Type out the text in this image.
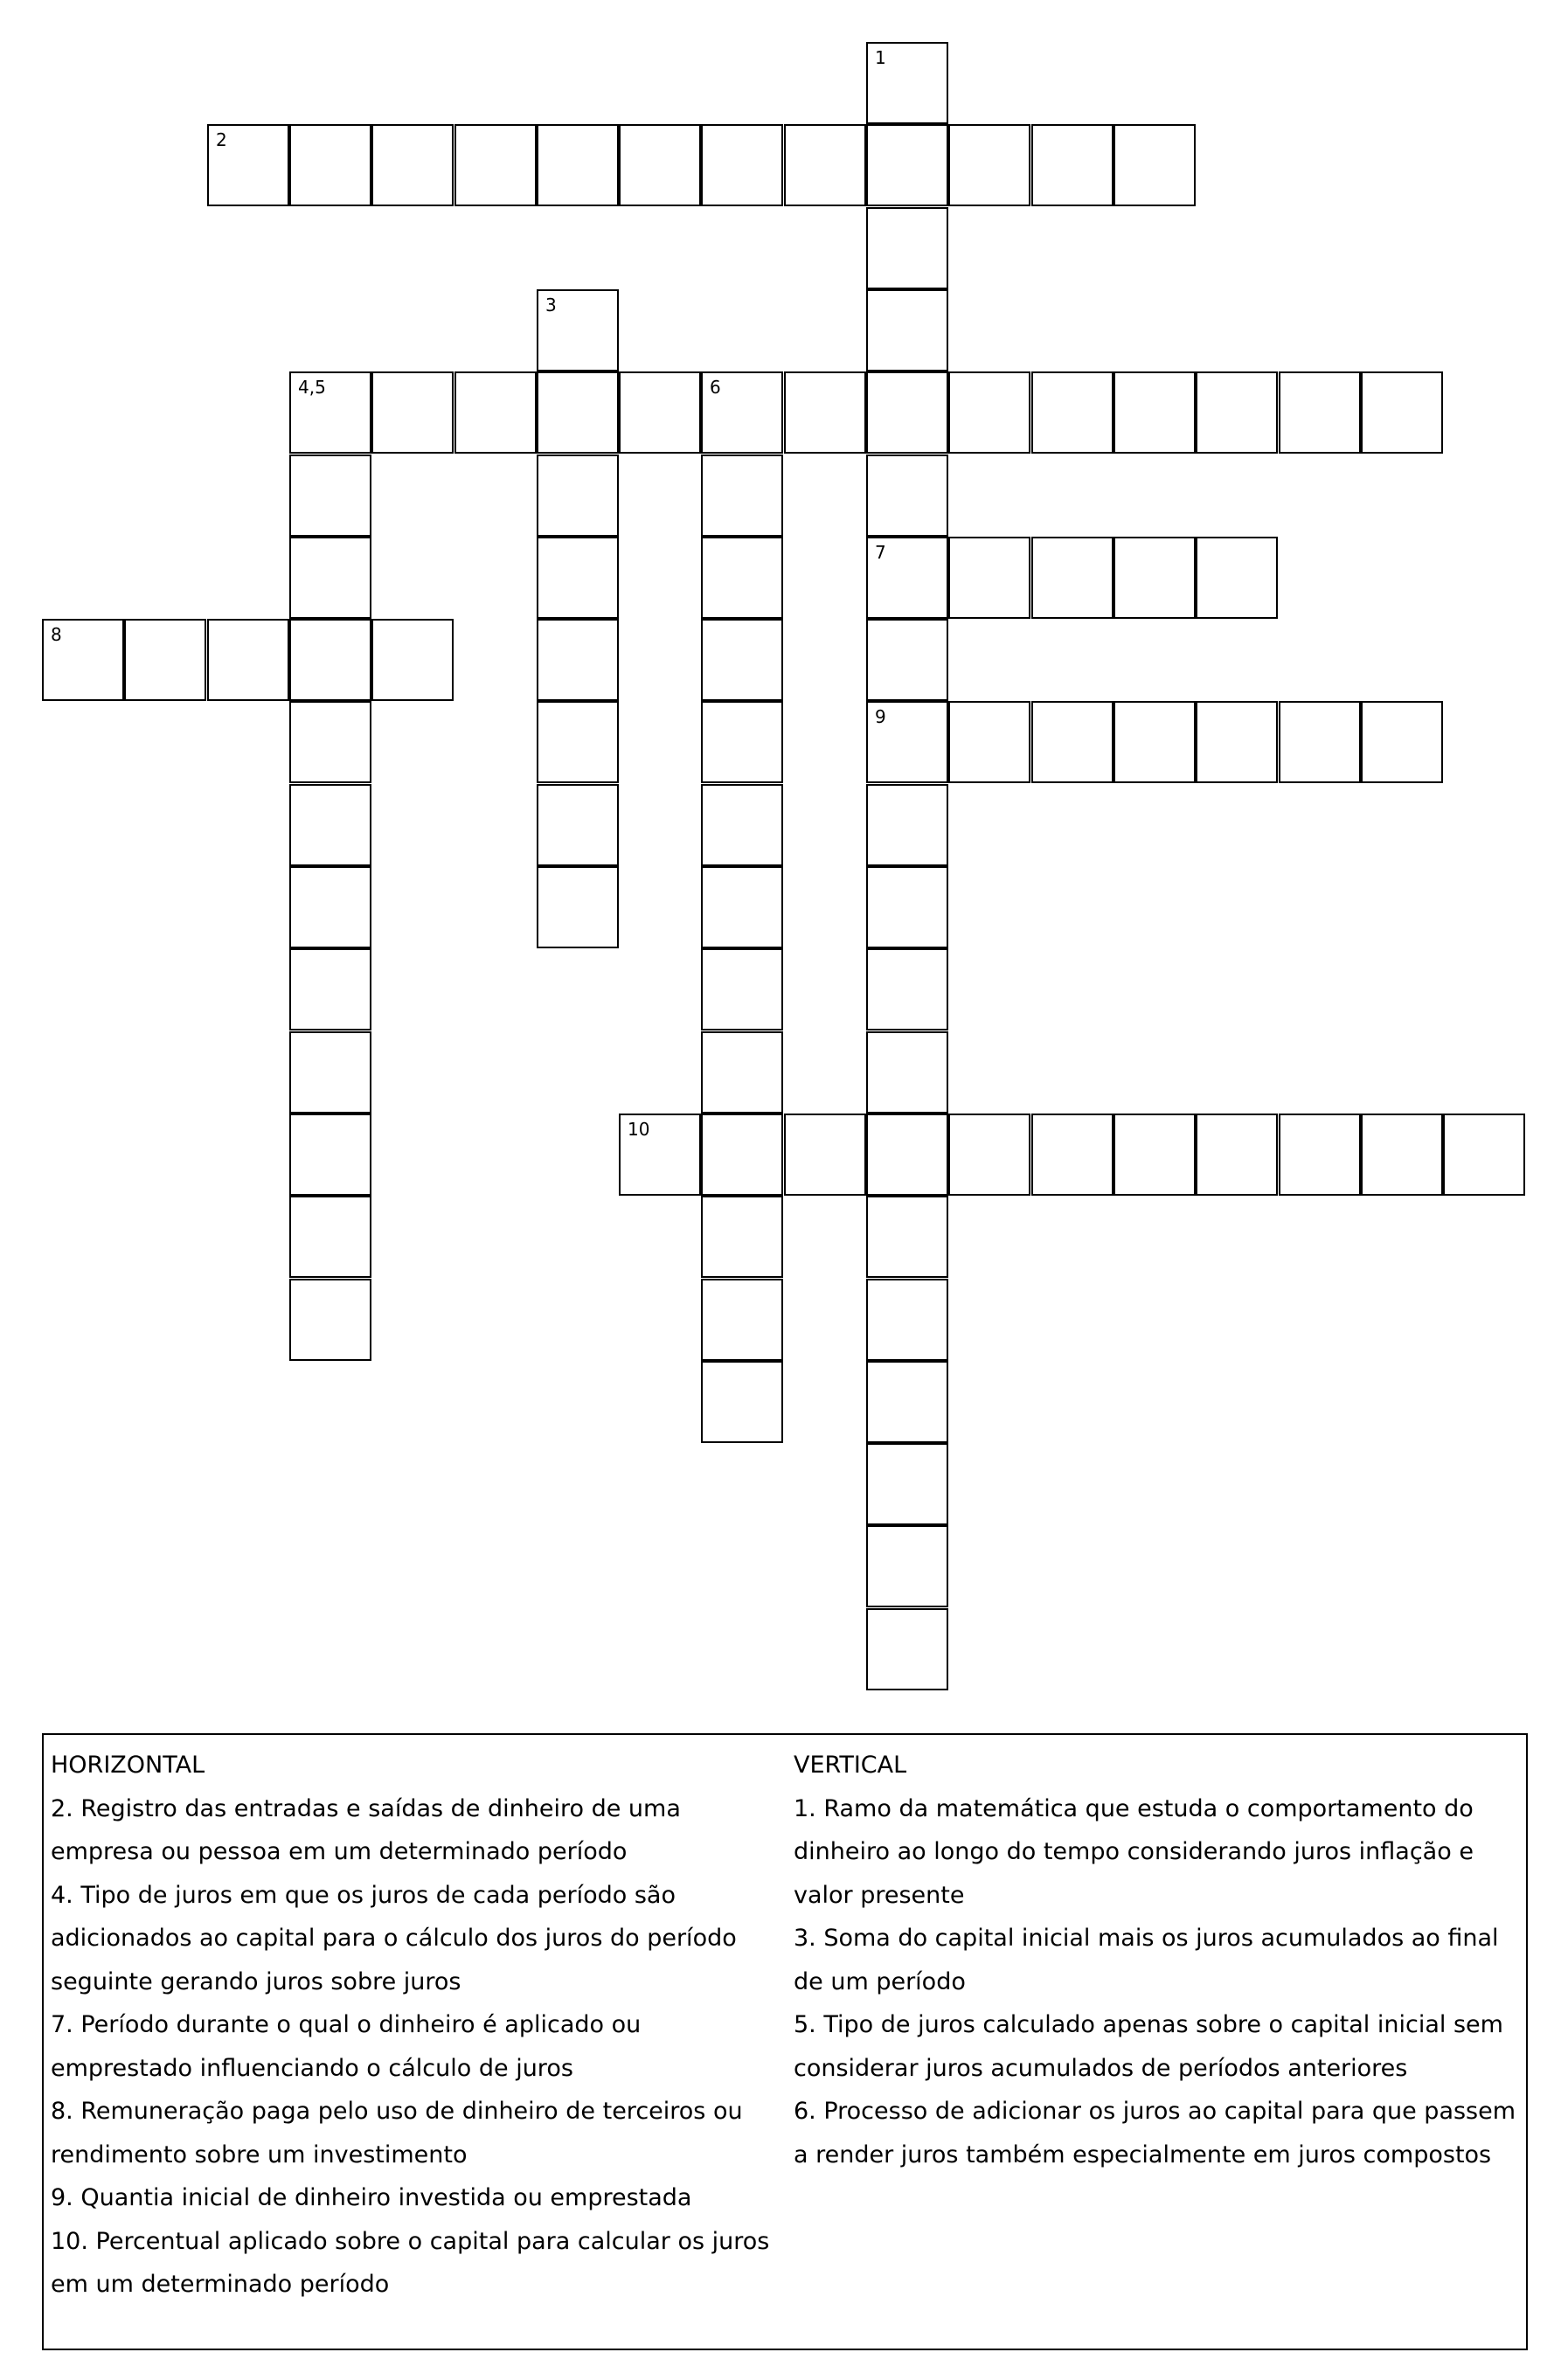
1
2
3
4,5	6
7
8
9
10

HORIZONTAL

2. Registro das entradas e saídas de dinheiro de uma

empresa ou pessoa em um determinado período

4. Tipo de juros em que os juros de cada período são

adicionados ao capital para o cálculo dos juros do período

seguinte gerando juros sobre juros

7. Período durante o qual o dinheiro é aplicado ou

emprestado influenciando o cálculo de juros

8. Remuneração paga pelo uso de dinheiro de terceiros ou

rendimento sobre um investimento

9. Quantia inicial de dinheiro investida ou emprestada

10. Percentual aplicado sobre o capital para calcular os juros

em um determinado período

VERTICAL

1. Ramo da matemática que estuda o comportamento do

dinheiro ao longo do tempo considerando juros inflação e

valor presente

3. Soma do capital inicial mais os juros acumulados ao final

de um período

5. Tipo de juros calculado apenas sobre o capital inicial sem

considerar juros acumulados de períodos anteriores

6. Processo de adicionar os juros ao capital para que passem

a render juros também especialmente em juros compostos
